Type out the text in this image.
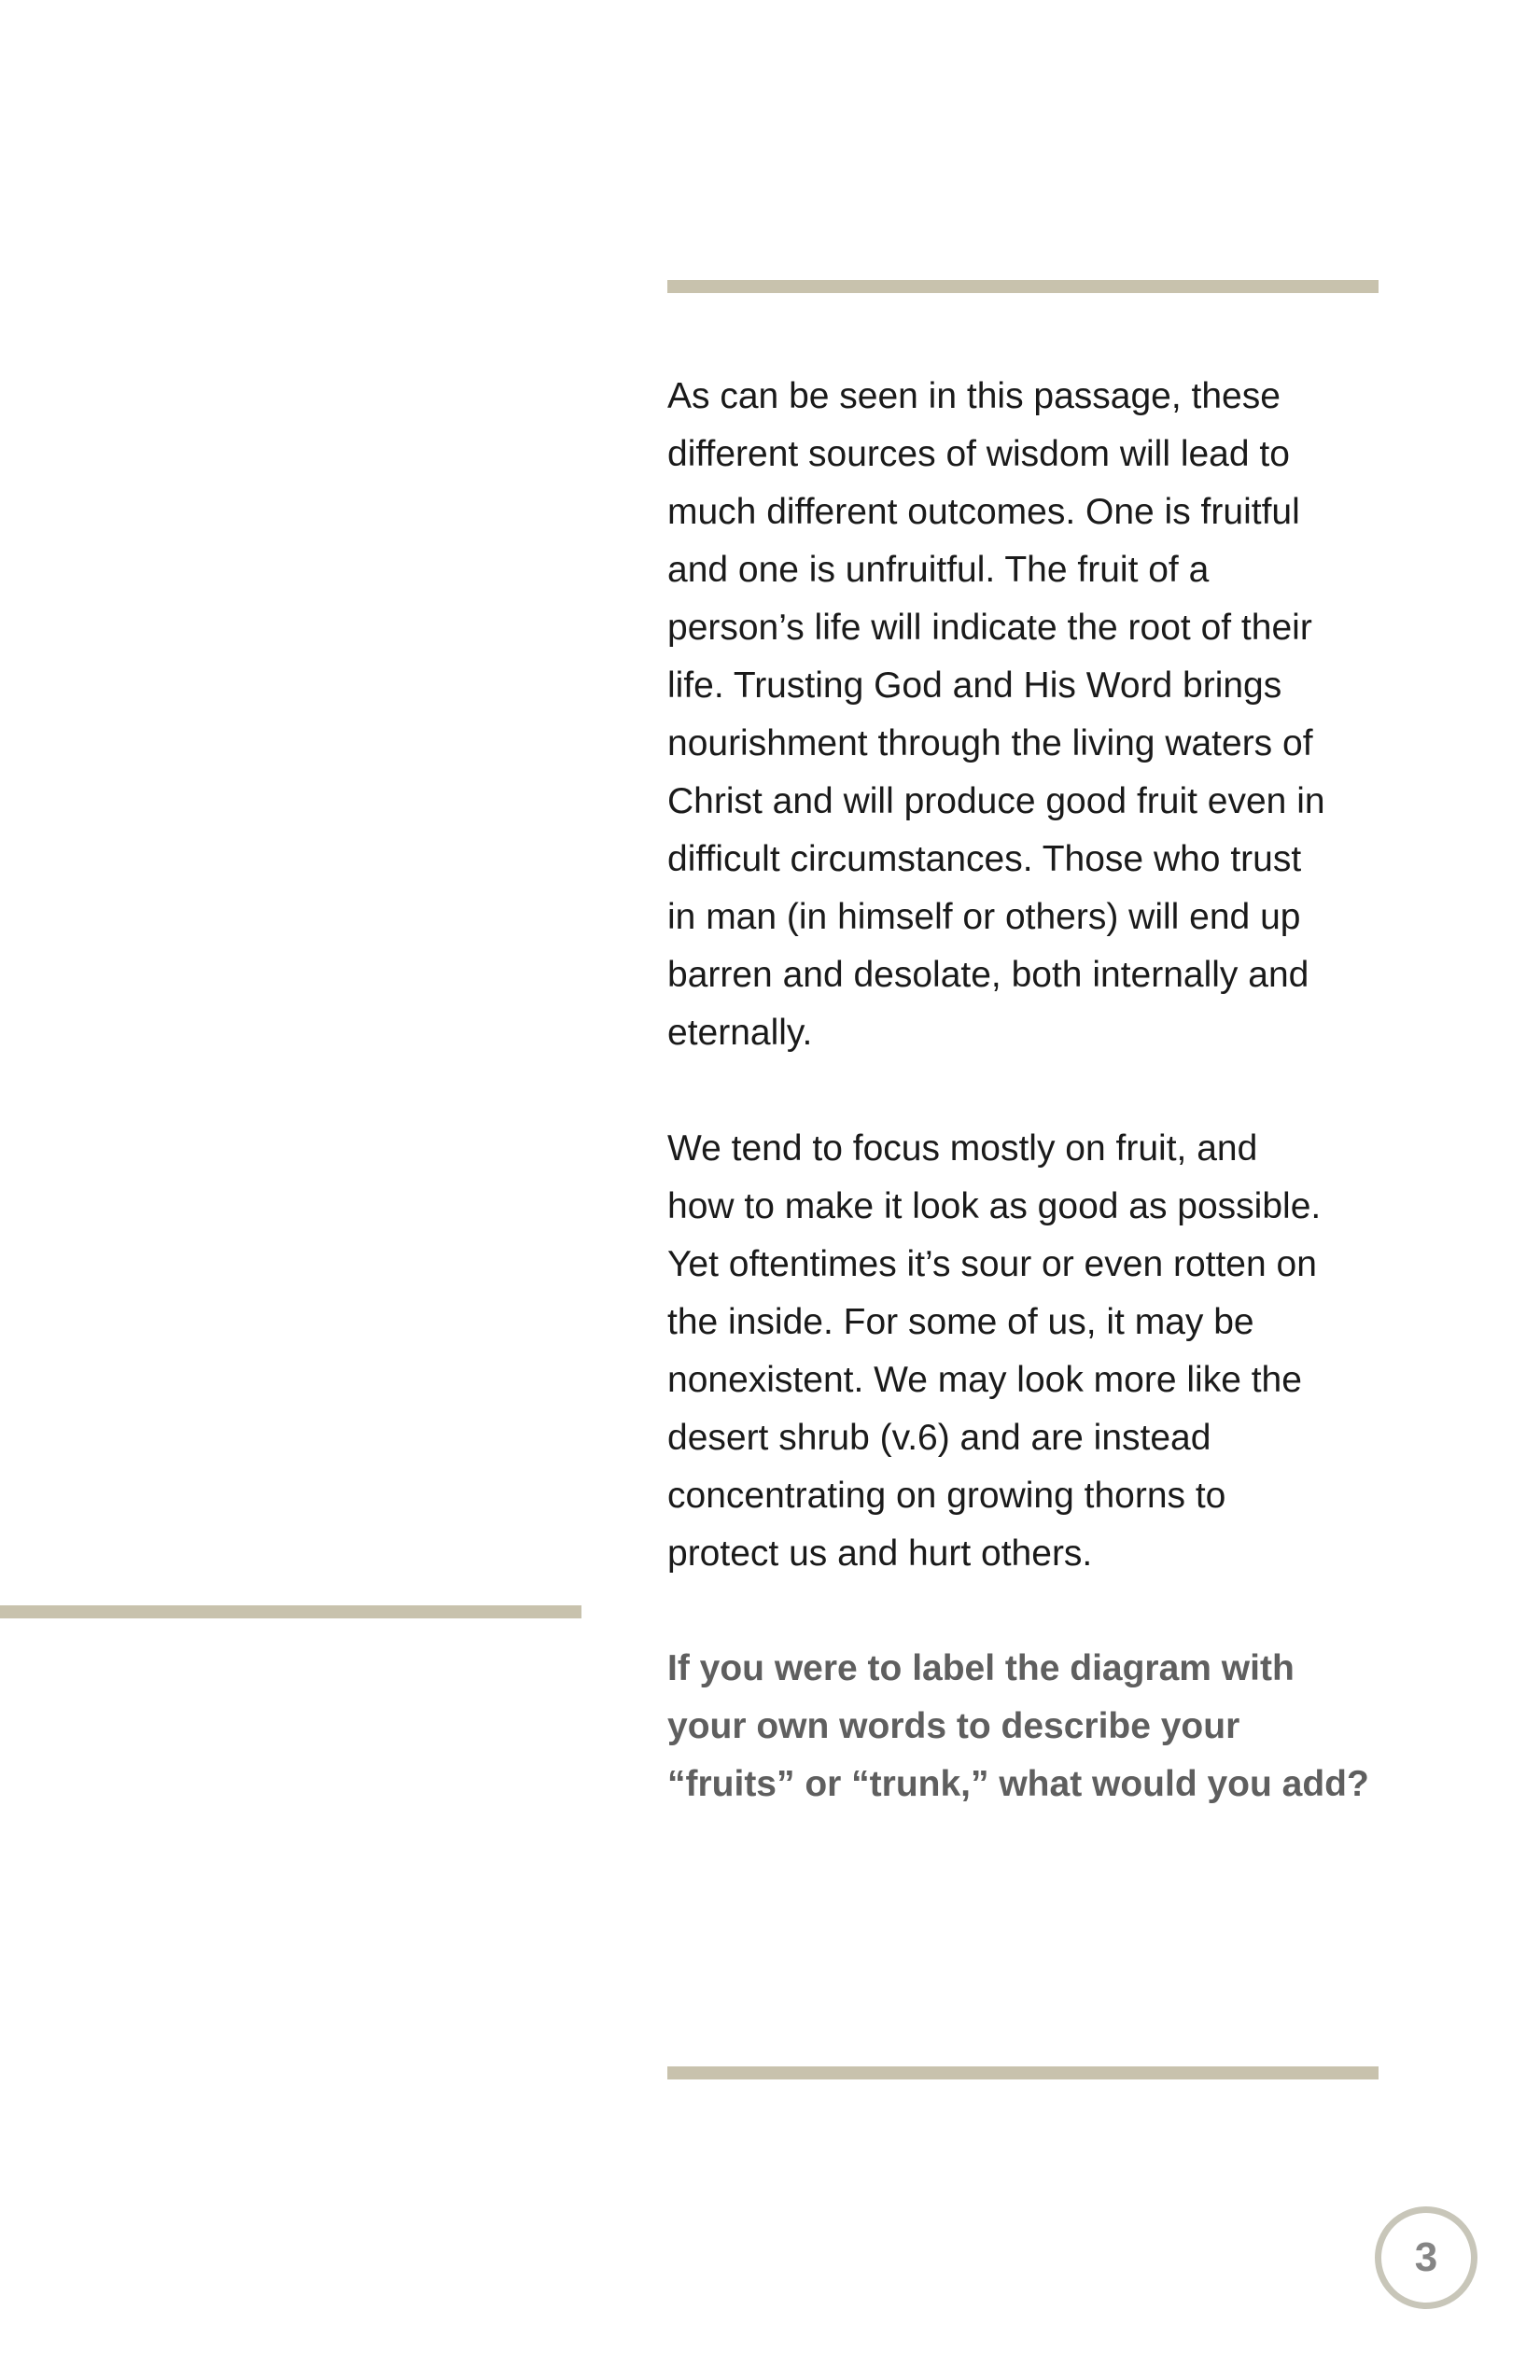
As can be seen in this passage, these
different sources of wisdom will lead to
much different outcomes. One is fruitful
and one is unfruitful. The fruit of a
person’s life will indicate the root of their
life. Trusting God and His Word brings
nourishment through the living waters of
Christ and will produce good fruit even in
difficult circumstances. Those who trust
in man (in himself or others) will end up
barren and desolate, both internally and
eternally.

We tend to focus mostly on fruit, and
how to make it look as good as possible.
Yet oftentimes it’s sour or even rotten on
the inside. For some of us, it may be
nonexistent. We may look more like the
desert shrub (v.6) and are instead
concentrating on growing thorns to
protect us and hurt others.

If you were to label the diagram with
your own words to describe your
“fruits” or “trunk,” what would you add?

3
